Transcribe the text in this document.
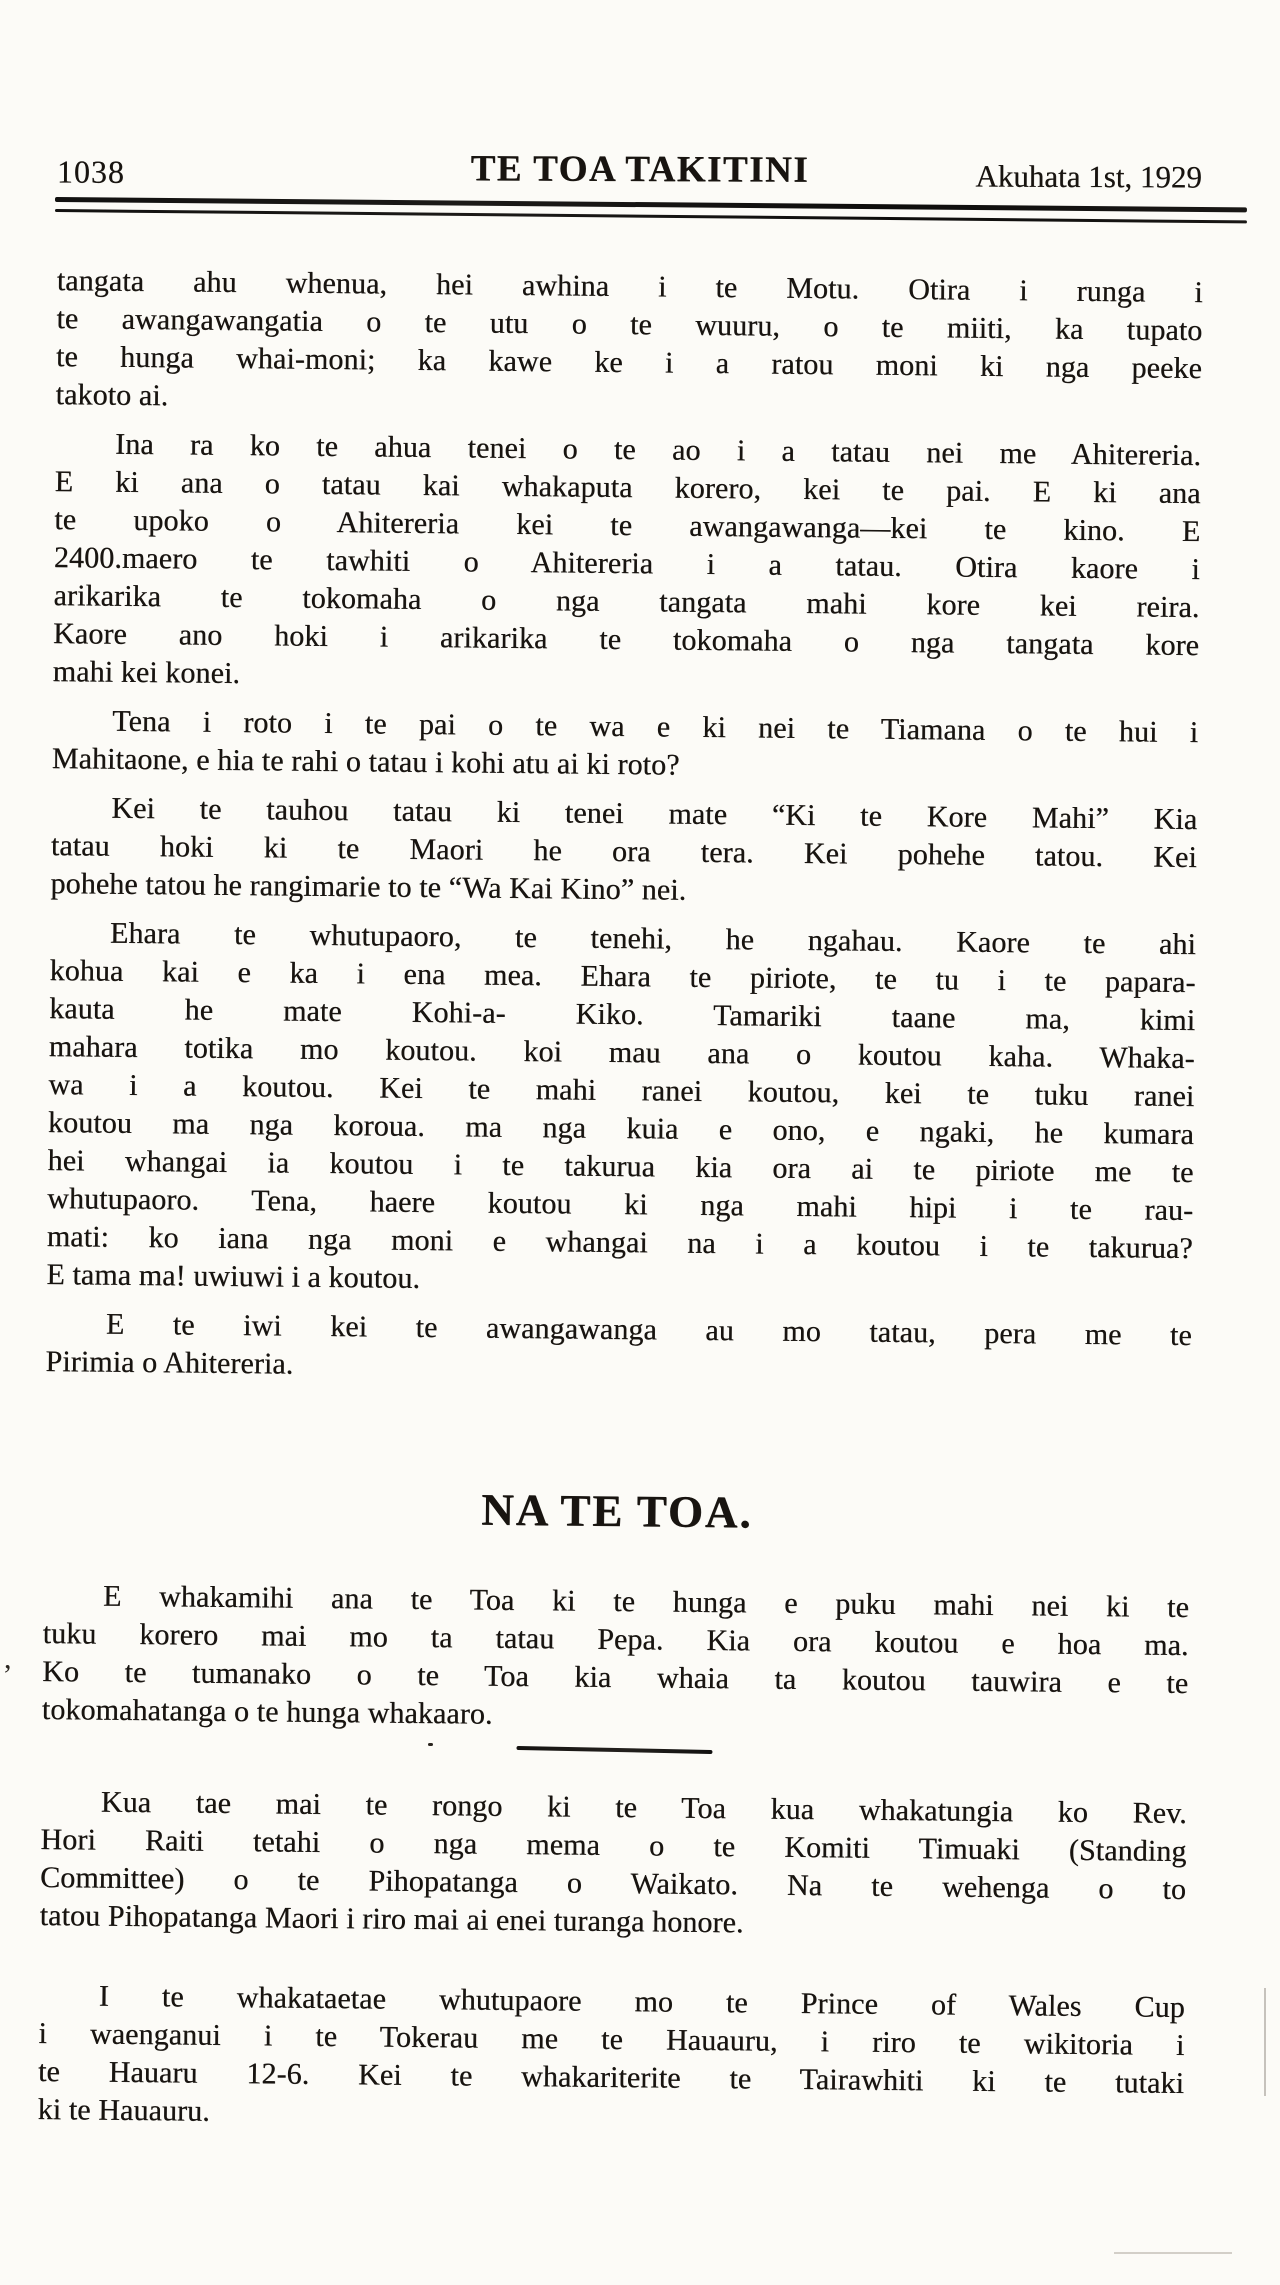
1038	TE TOA TAKITINI	Akuhata 1st, 1929
tangata ahu whenua, hei awhina i te Motu. Otira i runga i
te awangawangatia o te utu o te wuuru, o te miiti, ka tupato
te hunga whai-moni; ka kawe ke i a ratou moni ki nga peeke
takoto ai.
Ina ra ko te ahua tenei o te ao i a tatau nei me Ahitereria.
E ki ana o tatau kai whakaputa korero, kei te pai. E ki ana
te upoko o Ahitereria kei te awangawanga—kei te kino. E
2400.maero te tawhiti o Ahitereria i a tatau. Otira kaore i
arikarika te tokomaha o nga tangata mahi kore kei reira.
Kaore ano hoki i arikarika te tokomaha o nga tangata kore
mahi kei konei.
Tena i roto i te pai o te wa e ki nei te Tiamana o te hui i
Mahitaone, e hia te rahi o tatau i kohi atu ai ki roto?
Kei te tauhou tatau ki tenei mate “Ki te Kore Mahi” Kia
tatau hoki ki te Maori he ora tera. Kei pohehe tatou. Kei
pohehe tatou he rangimarie to te “Wa Kai Kino” nei.
Ehara te whutupaoro, te tenehi, he ngahau. Kaore te ahi
kohua kai e ka i ena mea. Ehara te piriote, te tu i te papara-
kauta he mate Kohi-a- Kiko. Tamariki taane ma, kimi
mahara totika mo koutou. koi mau ana o koutou kaha. Whaka-
wa i a koutou. Kei te mahi ranei koutou, kei te tuku ranei
koutou ma nga koroua. ma nga kuia e ono, e ngaki, he kumara
hei whangai ia koutou i te takurua kia ora ai te piriote me te
whutupaoro. Tena, haere koutou ki nga mahi hipi i te rau-
mati: ko iana nga moni e whangai na i a koutou i te takurua?
E tama ma! uwiuwi i a koutou.
E te iwi kei te awangawanga au mo tatau, pera me te
Pirimia o Ahitereria.
NA TE TOA.
E whakamihi ana te Toa ki te hunga e puku mahi nei ki te
tuku korero mai mo ta tatau Pepa. Kia ora koutou e hoa ma.
Ko te tumanako o te Toa kia whaia ta koutou tauwira e te
tokomahatanga o te hunga whakaaro.
Kua tae mai te rongo ki te Toa kua whakatungia ko Rev.
Hori Raiti tetahi o nga mema o te Komiti Timuaki (Standing
Committee) o te Pihopatanga o Waikato. Na te wehenga o to
tatou Pihopatanga Maori i riro mai ai enei turanga honore.
I te whakataetae whutupaore mo te Prince of Wales Cup
i waenganui i te Tokerau me te Hauauru, i riro te wikitoria i
te Hauaru 12-6. Kei te whakariterite te Tairawhiti ki te tutaki
ki te Hauauru.
,
